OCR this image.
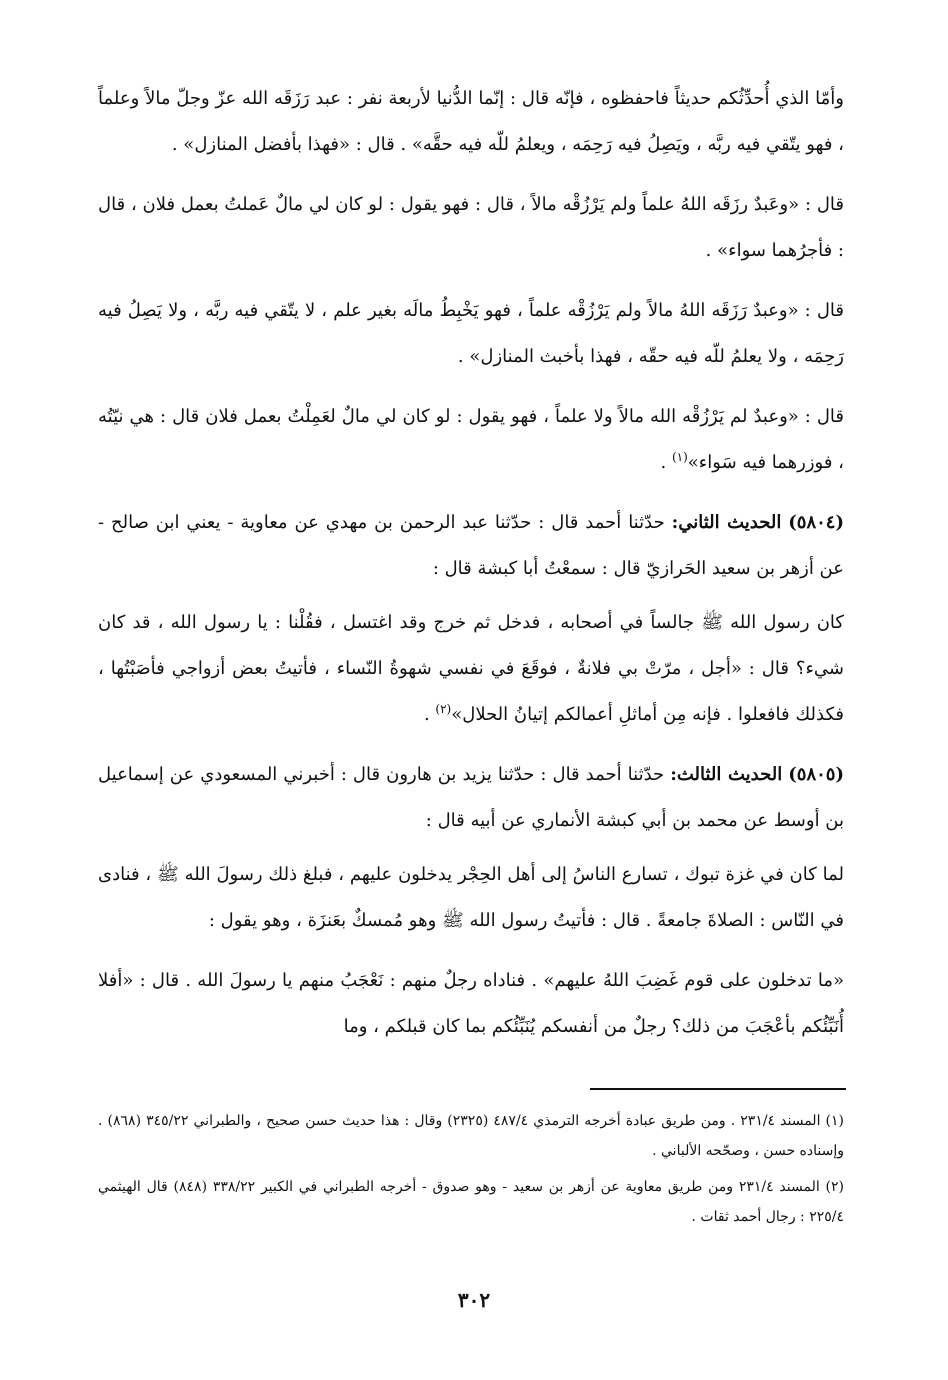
وأمّا الذي أُحدِّثُكم حديثاً فاحفظوه ، فإنّه قال : إنّما الدُّنيا لأربعة نفر : عبد رَزَقَه الله عزّ وجلّ مالاً وعلماً ، فهو يتّقي فيه ربَّه ، ويَصِلُ فيه رَحِمَه ، ويعلمُ للّه فيه حقَّه» . قال : «فهذا بأفضل المنازل» .

قال : «وعَبدٌ رزَقَه اللهُ علماً ولم يَرْزُقْه مالاً ، قال : فهو يقول : لو كان لي مالٌ عَملتُ بعمل فلان ، قال : فأجرُهما سواء» .

قال : «وعبدٌ رَزَقَه اللهُ مالاً ولم يَرْزُقْه علماً ، فهو يَخْبِطُ مالَه بغير علم ، لا يتّقي فيه ربَّه ، ولا يَصِلُ فيه رَحِمَه ، ولا يعلمُ للّه فيه حقّه ، فهذا بأخبث المنازل» .

قال : «وعبدٌ لم يَرْزُقْه الله مالاً ولا علماً ، فهو يقول : لو كان لي مالٌ لعَمِلْتُ بعمل فلان قال : هي نيّتُه ، فوزرهما فيه سَواء»$^{(١)}$ .

(٥٨٠٤) الحديث الثاني: حدّثنا أحمد قال : حدّثنا عبد الرحمن بن مهدي عن معاوية - يعني ابن صالح - عن أزهر بن سعيد الحَرازيّ قال : سمعْتُ أبا كبشة قال :

كان رسول الله ﷺ جالساً في أصحابه ، فدخل ثم خرج وقد اغتسل ، فقُلْنا : يا رسول الله ، قد كان شيء؟ قال : «أجل ، مرّتْ بي فلانةٌ ، فوقَعَ في نفسي شهوةُ النّساء ، فأتيتُ بعض أزواجي فأصَبْتُها ، فكذلك فافعلوا . فإنه مِن أماثلِ أعمالكم إتيانُ الحلال»$^{(٢)}$ .

(٥٨٠٥) الحديث الثالث: حدّثنا أحمد قال : حدّثنا يزيد بن هارون قال : أخبرني المسعودي عن إسماعيل بن أوسط عن محمد بن أبي كبشة الأنماري عن أبيه قال :

لما كان في غزة تبوك ، تسارع الناسُ إلى أهل الحِجْر يدخلون عليهم ، فبلغ ذلك رسولَ الله ﷺ ، فنادى في النّاس : الصلاةَ جامعةً . قال : فأتيتُ رسول الله ﷺ وهو مُمسكٌ بعَنزَة ، وهو يقول :

«ما تدخلون على قوم غَضِبَ اللهُ عليهم» . فناداه رجلٌ منهم : نَعْجَبُ منهم يا رسولَ الله . قال : «أفلا أُنَبِّئُكم بأعْجَبَ من ذلك؟ رجلٌ من أنفسكم يُنَبِّئُكم بما كان قبلكم ، وما

(١) المسند ٢٣١/٤ . ومن طريق عبادة أخرجه الترمذي ٤٨٧/٤ (٢٣٢٥) وقال : هذا حديث حسن صحيح ، والطبراني ٣٤٥/٢٢ (٨٦٨) . وإسناده حسن ، وصحّحه الألباني .

(٢) المسند ٢٣١/٤ ومن طريق معاوية عن أزهر بن سعيد - وهو صدوق - أخرجه الطبراني في الكبير ٣٣٨/٢٢ (٨٤٨) قال الهيثمي ٢٢٥/٤ : رجال أحمد ثقات .

٣٠٢
